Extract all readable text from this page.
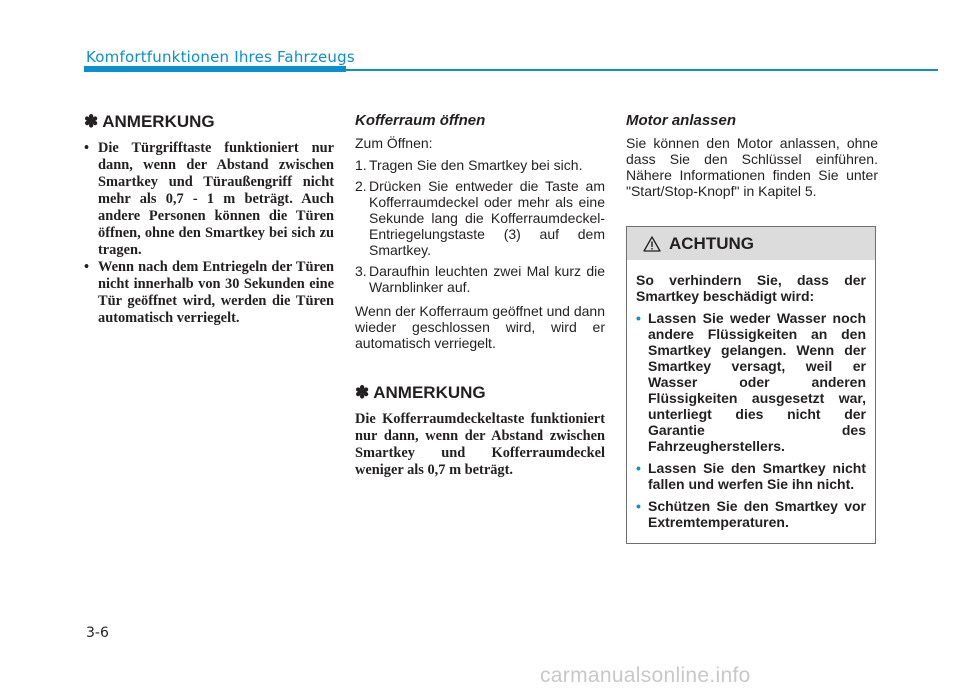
Komfortfunktionen Ihres Fahrzeugs
✽ ANMERKUNG
• Die Türgrifftaste funktioniert nur dann, wenn der Abstand zwischen Smartkey und Türaußengriff nicht mehr als 0,7 - 1 m beträgt. Auch andere Personen können die Türen öffnen, ohne den Smartkey bei sich zu tragen.
• Wenn nach dem Entriegeln der Türen nicht innerhalb von 30 Sekunden eine Tür geöffnet wird, werden die Türen automatisch verriegelt.
Kofferraum öffnen

Zum Öffnen:

1. Tragen Sie den Smartkey bei sich.
2. Drücken Sie entweder die Taste am Kofferraumdeckel oder mehr als eine Sekunde lang die Kofferraumdeckel-Entriegelungstaste (3) auf dem Smartkey.
3. Daraufhin leuchten zwei Mal kurz die Warnblinker auf.

Wenn der Kofferraum geöffnet und dann wieder geschlossen wird, wird er automatisch verriegelt.

✽ ANMERKUNG

Die Kofferraumdeckeltaste funktioniert nur dann, wenn der Abstand zwischen Smartkey und Kofferraumdeckel weniger als 0,7 m beträgt.

Motor anlassen

Sie können den Motor anlassen, ohne dass Sie den Schlüssel einführen. Nähere Informationen finden Sie unter "Start/Stop-Knopf" in Kapitel 5.

ACHTUNG

So verhindern Sie, dass der Smartkey beschädigt wird:

• Lassen Sie weder Wasser noch andere Flüssigkeiten an den Smartkey gelangen. Wenn der Smartkey versagt, weil er Wasser oder anderen Flüssigkeiten ausgesetzt war, unterliegt dies nicht der Garantie des Fahrzeugherstellers.
• Lassen Sie den Smartkey nicht fallen und werfen Sie ihn nicht.
• Schützen Sie den Smartkey vor Extremtemperaturen.
3-6
carmanualsonline.info
